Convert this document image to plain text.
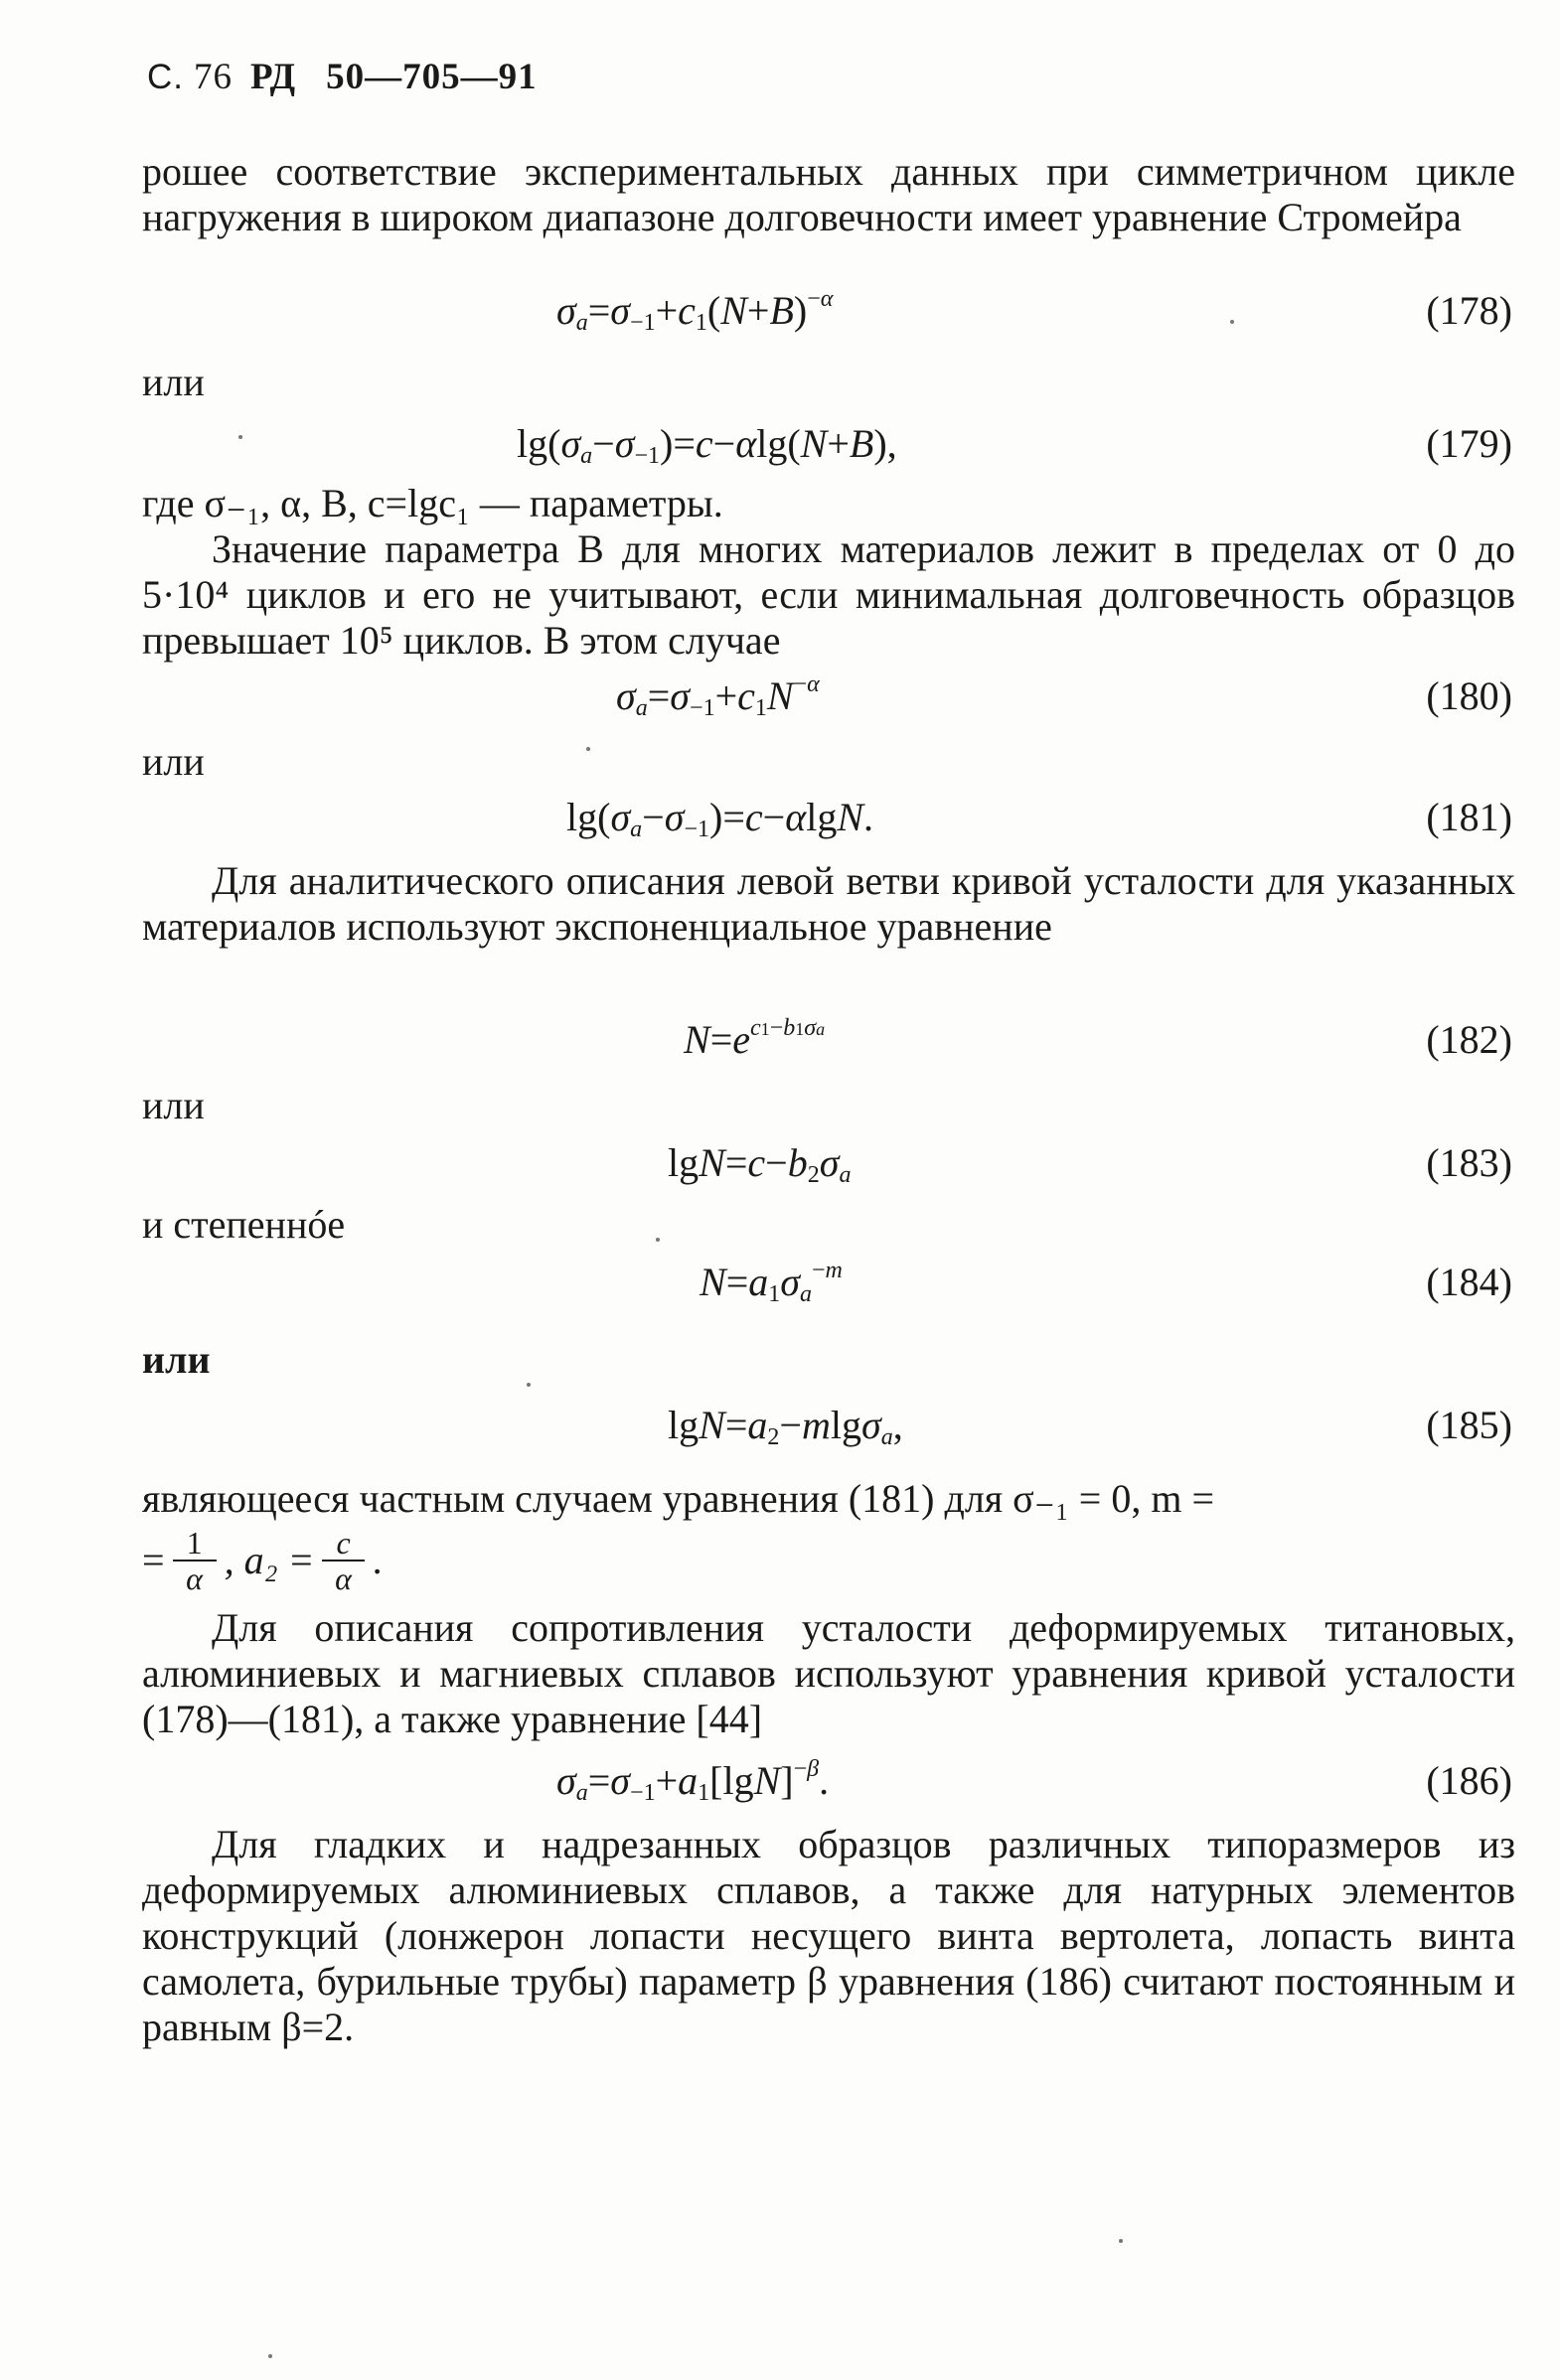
С. 76 РД 50—705—91
рошее соответствие экспериментальных данных при симметричном цикле нагружения в широком диапазоне долговечности имеет уравнение Стромейра
$\sigma_a=\sigma_{-1}+c_1(N+B)^{-\alpha}$	(178)
или
$\lg(\sigma_a-\sigma_{-1})=c-\alpha\lg(N+B)$,	(179)
где σ₋₁, α, B, c=lgc₁ — параметры.
Значение параметра B для многих материалов лежит в пределах от 0 до 5·10⁴ циклов и его не учитывают, если минимальная долговечность образцов превышает 10⁵ циклов. В этом случае
$\sigma_a=\sigma_{-1}+c_1N^{-\alpha}$	(180)
или
$\lg(\sigma_a-\sigma_{-1})=c-\alpha\lg N$.	(181)
Для аналитического описания левой ветви кривой усталости для указанных материалов используют экспоненциальное уравнение
$N=e^{c1-b1\sigma a}$	(182)
или
$\lg N=c-b_2\sigma_a$	(183)
и степеннóе
$N=a_1\sigma_a^{-m}$	(184)
или
$\lg N=a_2-mlg\sigma_a$,	(185)
являющееся частным случаем уравнения (181) для σ₋₁ = 0, m =
= $\frac{1}{\alpha}$ , $a_2 = \frac{c}{\alpha}$ .
Для описания сопротивления усталости деформируемых титановых, алюминиевых и магниевых сплавов используют уравнения кривой усталости (178)—(181), а также уравнение [44]
$\sigma_a=\sigma_{-1}+a_1[\lg N]^{-\beta}$.	(186)
Для гладких и надрезанных образцов различных типоразмеров из деформируемых алюминиевых сплавов, а также для натурных элементов конструкций (лонжерон лопасти несущего винта вертолета, лопасть винта самолета, бурильные трубы) параметр β уравнения (186) считают постоянным и равным β=2.
